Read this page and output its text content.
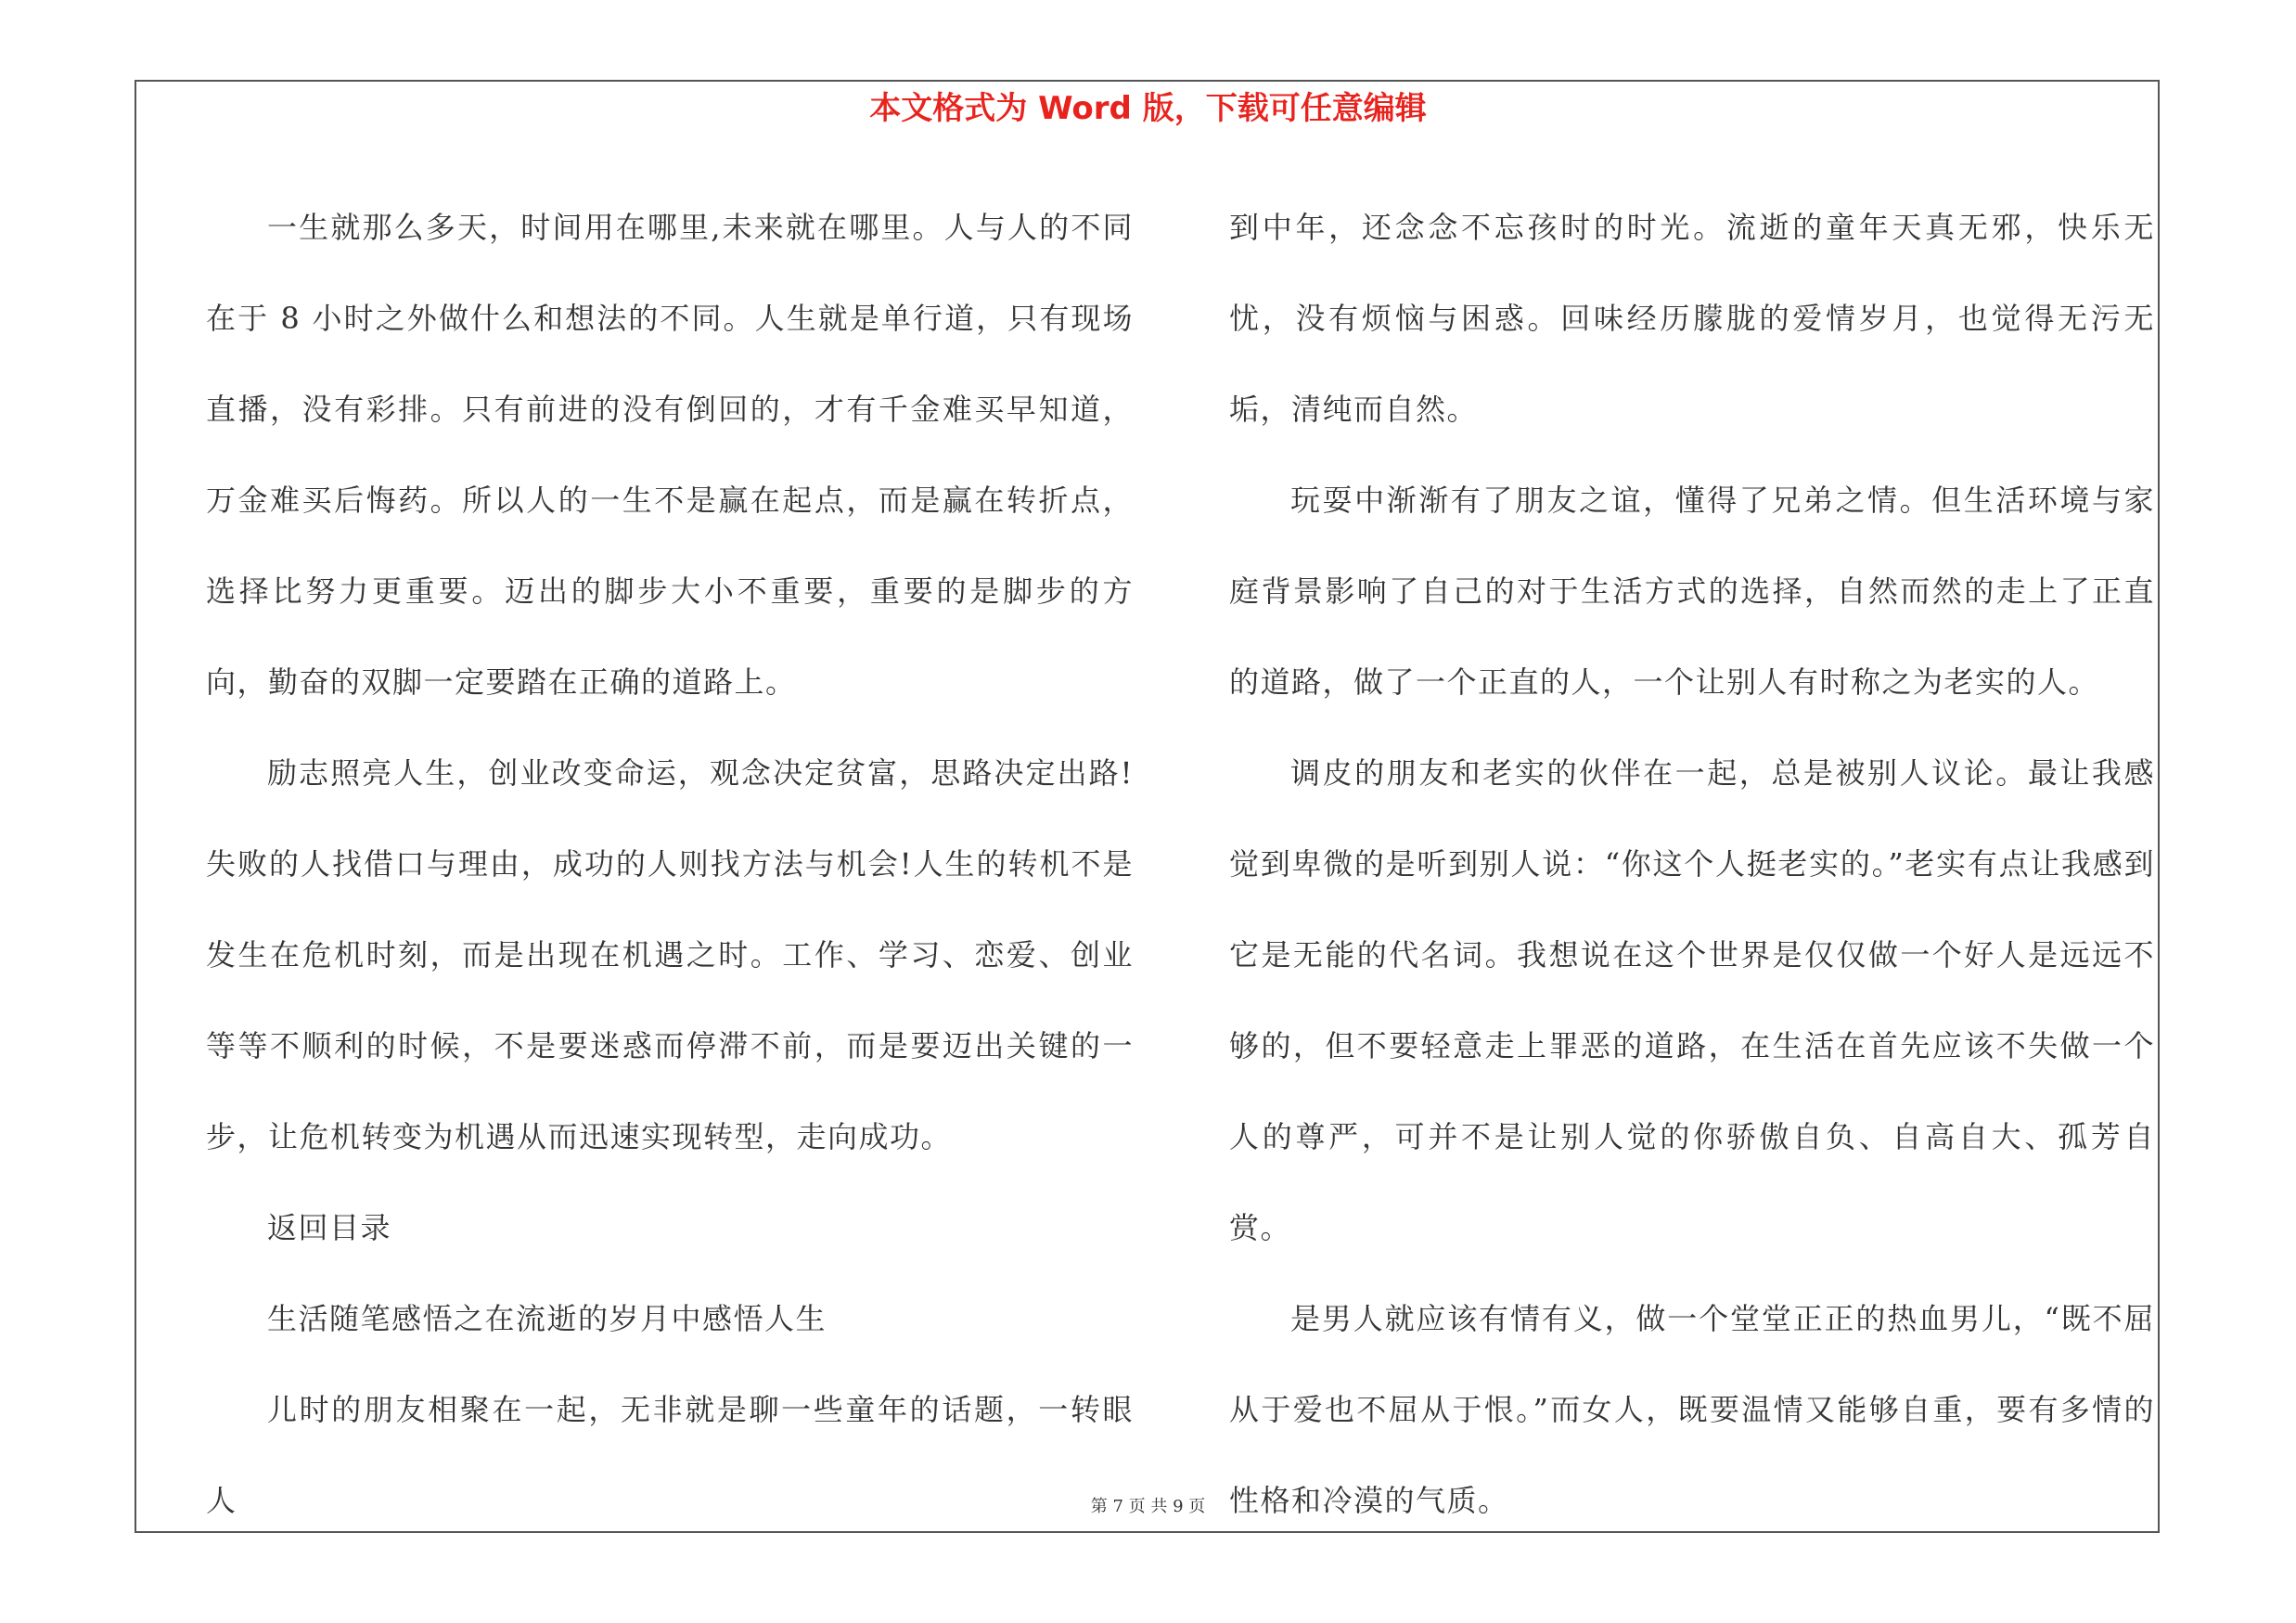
本文格式为 Word 版，下载可任意编辑

一生就那么多天，时间用在哪里,未来就在哪里。人与人的不同在于 8 小时之外做什么和想法的不同。人生就是单行道，只有现场直播，没有彩排。只有前进的没有倒回的，才有千金难买早知道，万金难买后悔药。所以人的一生不是赢在起点，而是赢在转折点，选择比努力更重要。迈出的脚步大小不重要，重要的是脚步的方向，勤奋的双脚一定要踏在正确的道路上。

励志照亮人生，创业改变命运，观念决定贫富，思路决定出路!失败的人找借口与理由，成功的人则找方法与机会!人生的转机不是发生在危机时刻，而是出现在机遇之时。工作、学习、恋爱、创业等等不顺利的时候，不是要迷惑而停滞不前，而是要迈出关键的一步，让危机转变为机遇从而迅速实现转型，走向成功。

返回目录

生活随笔感悟之在流逝的岁月中感悟人生

儿时的朋友相聚在一起，无非就是聊一些童年的话题，一转眼人

到中年，还念念不忘孩时的时光。流逝的童年天真无邪，快乐无忧，没有烦恼与困惑。回味经历朦胧的爱情岁月，也觉得无污无垢，清纯而自然。

玩耍中渐渐有了朋友之谊，懂得了兄弟之情。但生活环境与家庭背景影响了自己的对于生活方式的选择，自然而然的走上了正直的道路，做了一个正直的人，一个让别人有时称之为老实的人。

调皮的朋友和老实的伙伴在一起，总是被别人议论。最让我感觉到卑微的是听到别人说：“你这个人挺老实的。”老实有点让我感到它是无能的代名词。我想说在这个世界是仅仅做一个好人是远远不够的，但不要轻意走上罪恶的道路，在生活在首先应该不失做一个人的尊严，可并不是让别人觉的你骄傲自负、自高自大、孤芳自赏。

是男人就应该有情有义，做一个堂堂正正的热血男儿，“既不屈从于爱也不屈从于恨。”而女人，既要温情又能够自重，要有多情的性格和冷漠的气质。

第 7 页 共 9 页
